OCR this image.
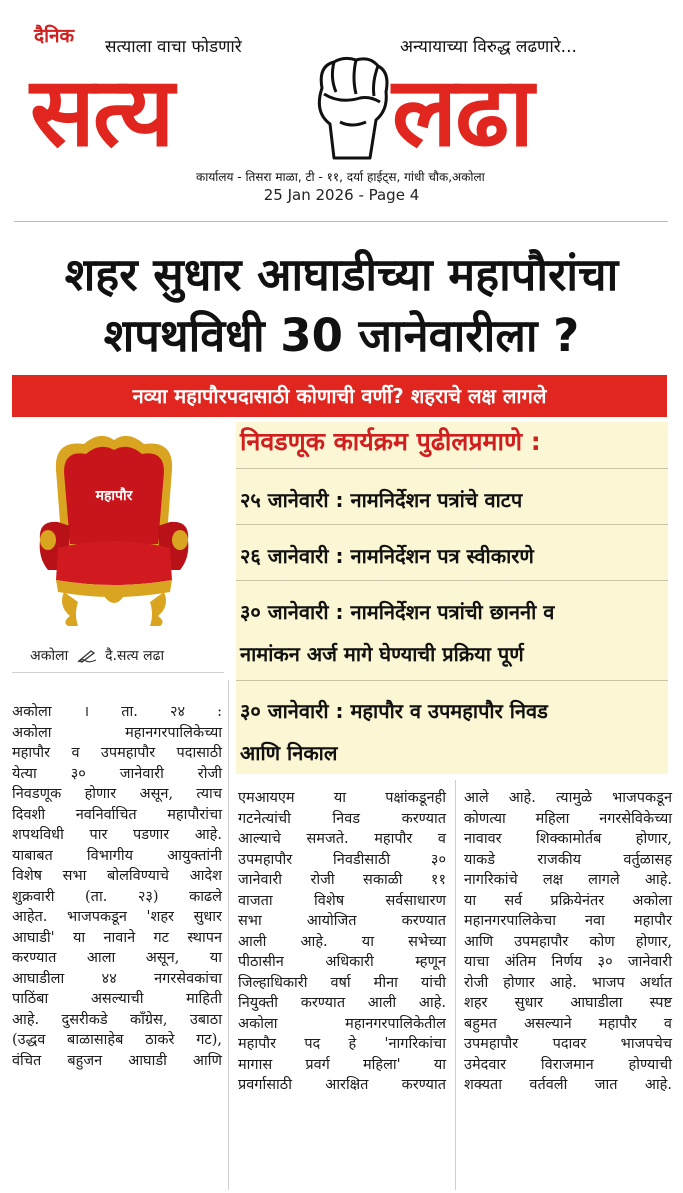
दैनिक सत्याला वाचा फोडणारे	अन्यायाच्या विरुद्ध लढणारे...
सत्य लढा
कार्यालय - तिसरा माळा, टी - ११, दर्या हाईट्स, गांधी चौक,अकोला
25 Jan 2026 - Page 4
शहर सुधार आघाडीच्या महापौरांचा
शपथविधी 30 जानेवारीला ?
नव्या महापौरपदासाठी कोणाची वर्णी? शहराचे लक्ष लागले
महापौर
अकोला	दै.सत्य लढा
निवडणूक कार्यक्रम पुढीलप्रमाणे :
२५ जानेवारी : नामनिर्देशन पत्रांचे वाटप
२६ जानेवारी : नामनिर्देशन पत्र स्वीकारणे
३० जानेवारी : नामनिर्देशन पत्रांची छाननी व
नामांकन अर्ज मागे घेण्याची प्रक्रिया पूर्ण
३० जानेवारी : महापौर व उपमहापौर निवड
आणि निकाल
अकोला । ता. २४ :
अकोला महानगरपालिकेच्या
महापौर व उपमहापौर पदासाठी
येत्या ३० जानेवारी रोजी
निवडणूक होणार असून, त्याच
दिवशी नवनिर्वाचित महापौरांचा
शपथविधी पार पडणार आहे.
याबाबत विभागीय आयुक्तांनी
विशेष सभा बोलविण्याचे आदेश
शुक्रवारी (ता. २३) काढले
आहेत. भाजपकडून 'शहर सुधार
आघाडी' या नावाने गट स्थापन
करण्यात आला असून, या
आघाडीला ४४ नगरसेवकांचा
पाठिंबा असल्याची माहिती
आहे. दुसरीकडे काँग्रेस, उबाठा
(उद्धव बाळासाहेब ठाकरे गट),
वंचित बहुजन आघाडी आणि
एमआयएम या पक्षांकडूनही
गटनेत्यांची निवड करण्यात
आल्याचे समजते. महापौर व
उपमहापौर निवडीसाठी ३०
जानेवारी रोजी सकाळी ११
वाजता विशेष सर्वसाधारण
सभा आयोजित करण्यात
आली आहे. या सभेच्या
पीठासीन अधिकारी म्हणून
जिल्हाधिकारी वर्षा मीना यांची
नियुक्ती करण्यात आली आहे.
अकोला महानगरपालिकेतील
महापौर पद हे 'नागरिकांचा
मागास प्रवर्ग महिला' या
प्रवर्गासाठी आरक्षित करण्यात
आले आहे. त्यामुळे भाजपकडून
कोणत्या महिला नगरसेविकेच्या
नावावर शिक्कामोर्तब होणार,
याकडे राजकीय वर्तुळासह
नागरिकांचे लक्ष लागले आहे.
या सर्व प्रक्रियेनंतर अकोला
महानगरपालिकेचा नवा महापौर
आणि उपमहापौर कोण होणार,
याचा अंतिम निर्णय ३० जानेवारी
रोजी होणार आहे. भाजप अर्थात
शहर सुधार आघाडीला स्पष्ट
बहुमत असल्याने महापौर व
उपमहापौर पदावर भाजपचेच
उमेदवार विराजमान होण्याची
शक्यता वर्तवली जात आहे.
